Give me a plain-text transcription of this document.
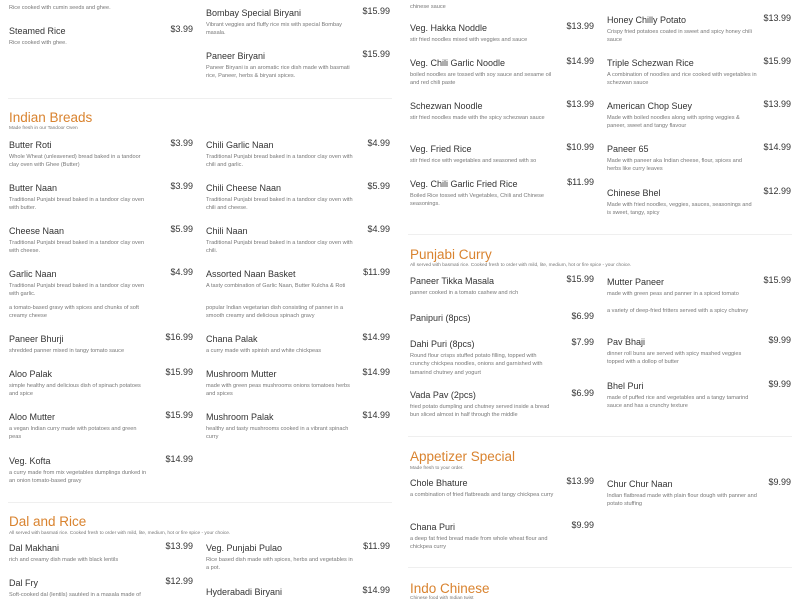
Rice cooked with cumin seeds and ghee.
Steamed Rice	$3.99
Rice cooked with ghee.
Bombay Special Biryani	$15.99
Vibrant veggies and fluffy rice mix with special Bombay masala.
Paneer Biryani	$15.99
Paneer Biryani is an aromatic rice dish made with basmati rice, Paneer, herbs & biryani spices.
Indian Breads
Made fresh in our Tandoor Oven
Butter Roti	$3.99
Whole Wheat (unleavened) bread baked in a tandoor clay oven with Ghee (Butter)
Chili Garlic Naan	$4.99
Traditional Punjabi bread baked in a tandoor clay oven with chili and garlic.
Butter Naan	$3.99
Traditional Punjabi bread baked in a tandoor clay oven with butter.
Chili Cheese Naan	$5.99
Traditional Punjabi bread baked in a tandoor clay oven with chili and cheese.
Cheese Naan	$5.99
Traditional Punjabi bread baked in a tandoor clay oven with cheese.
Chili Naan	$4.99
Traditional Punjabi bread baked in a tandoor clay oven with chili.
Garlic Naan	$4.99
Traditional Punjabi bread baked in a tandoor clay oven with garlic.
Assorted Naan Basket	$11.99
A tasty combination of Garlic Naan, Butter Kulcha & Roti
a tomato-based gravy with spices and chunks of soft creamy cheese
popular Indian vegetarian dish consisting of panner in a smooth creamy and delicious spinach gravy
Paneer Bhurji	$16.99
shredded panner mixed in tangy tomato sauce
Chana Palak	$14.99
a curry made with spinish and white chickpeas
Aloo Palak	$15.99
simple healthy and delicious dish of spinach potatoes and spice
Mushroom Mutter	$14.99
made with green peas mushrooms onions tomatoes herbs and spices
Aloo Mutter	$15.99
a vegan Indian curry made with potatoes and green peas
Mushroom Palak	$14.99
healthy and tasty mushrooms cooked in a vibrant spinach curry
Veg. Kofta	$14.99
a curry made from mix vegetables dumplings dunked in an onion tomato-based gravy
Dal and Rice
All served with basmati rice. Cooked fresh to order with mild, lite, medium, hot or fire spice - your choice.
Dal Makhani	$13.99
rich and creamy dish made with black lentils
Veg. Punjabi Pulao	$11.99
Rice based dish made with spices, herbs and vegetables in a pot.
Dal Fry	$12.99
Soft-cooked dal (lentils) sautéed in a masala made of	Hyderabadi Biryani	$14.99
chinese sauce
Veg. Hakka Noddle	$13.99
stir fried noodles mixed with veggies and sauce
Honey Chilly Potato	$13.99
Crispy fried potatoes coated in sweet and spicy honey chili sauce
Veg. Chili Garlic Noodle	$14.99
boiled noodles are tossed with soy sauce and sesame oil and red chili paste
Triple Schezwan Rice	$15.99
A combination of noodles and rice cooked with vegetables in schezwan sauce
Schezwan Noodle	$13.99
stir fried noodles made with the spicy schezwan sauce
American Chop Suey	$13.99
Made with boiled noodles along with spring veggies & paneer, sweet and tangy flavour
Veg. Fried Rice	$10.99
stir fried rice with vegetables and seasoned with so
Paneer 65	$14.99
Made with paneer aka Indian cheese, flour, spices and herbs like curry leaves
Veg. Chili Garlic Fried Rice	$11.99
Boiled Rice tossed with Vegetables, Chili and Chinese seasonings.
Chinese Bhel	$12.99
Made with fried noodles, veggies, sauces, seasonings and is sweet, tangy, spicy
Punjabi Curry
All served with basmati rice. Cooked fresh to order with mild, lite, medium, hot or fire spice - your choice.
Paneer Tikka Masala	$15.99
panner cooked in a tomato cashew and rich
Mutter Paneer	$15.99
made with green peas and panner in a spiced tomato
a variety of deep-fried fritters served with a spicy chutney
Panipuri (8pcs)	$6.99
Dahi Puri (8pcs)	$7.99
Round flour crisps stuffed potato filling, topped with crunchy chickpea noodles, onions and garnished with tamarind chutney and yogurt
Pav Bhaji	$9.99
dinner roll buns are served with spicy mashed veggies topped with a dollop of butter
Vada Pav (2pcs)	$6.99
fried potato dumpling and chutney served inside a bread bun sliced almost in half through the middle
Bhel Puri	$9.99
made of puffed rice and vegetables and a tangy tamarind sauce and has a crunchy texture
Appetizer Special
Made fresh to your order.
Chole Bhature	$13.99
a combination of fried flatbreads and tangy chickpea curry
Chur Chur Naan	$9.99
Indian flatbread made with plain flour dough with panner and potato stuffing
Chana Puri	$9.99
a deep fat fried bread made from whole wheat flour and chickpea curry
Indo Chinese
Chinese food with Indian twist
